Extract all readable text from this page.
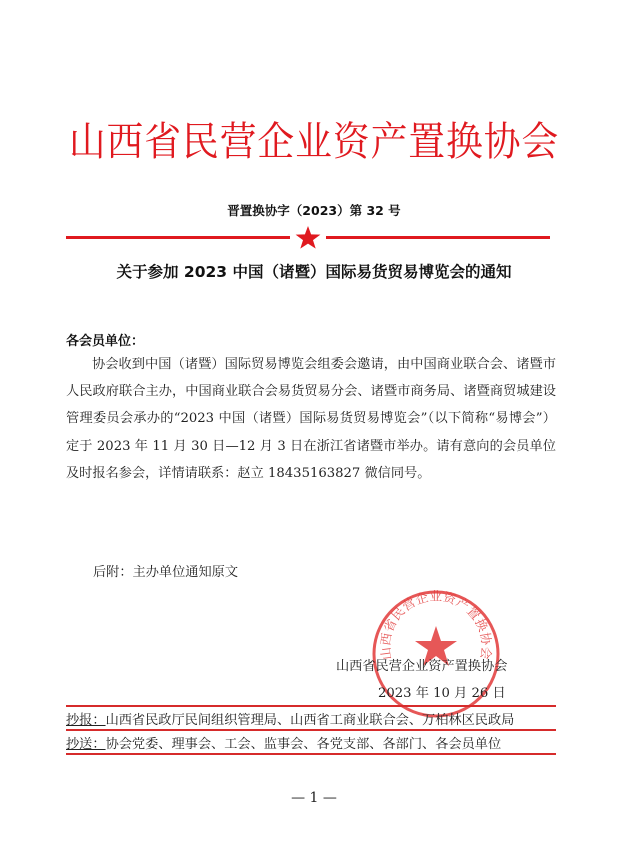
山西省民营企业资产置换协会
晋置换协字（2023）第 32 号
关于参加 2023 中国（诸暨）国际易货贸易博览会的通知
各会员单位：
协会收到中国（诸暨）国际贸易博览会组委会邀请，由中国商业联合会、诸暨市人民政府联合主办，中国商业联合会易货贸易分会、诸暨市商务局、诸暨商贸城建设管理委员会承办的“2023 中国（诸暨）国际易货贸易博览会”（以下简称“易博会”）定于 2023 年 11 月 30 日—12 月 3 日在浙江省诸暨市举办。请有意向的会员单位及时报名参会，详情请联系：赵立 18435163827 微信同号。
后附：主办单位通知原文
山西省民营企业资产置换协会
山西省民营企业资产置换协会
2023 年 10 月 26 日
抄报：山西省民政厅民间组织管理局、山西省工商业联合会、万柏林区民政局
抄送：协会党委、理事会、工会、监事会、各党支部、各部门、各会员单位
— 1 —
